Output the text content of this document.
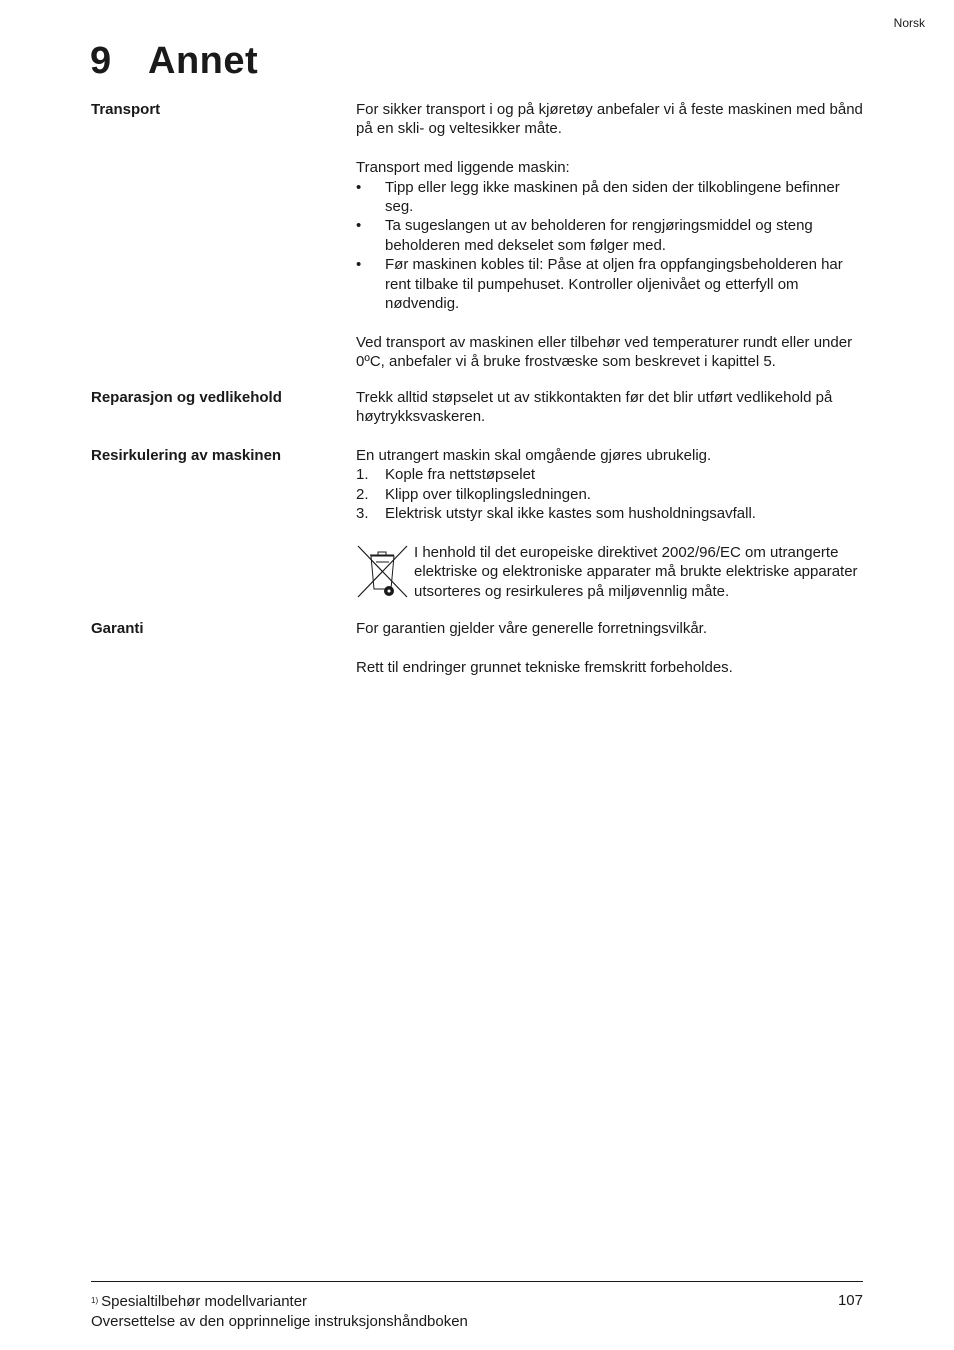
Norsk
9 Annet
Transport	For sikker transport i og på kjøretøy anbefaler vi å feste maskinen med bånd på en skli- og veltesikker måte.

Transport med liggende maskin:

•	Tipp eller legg ikke maskinen på den siden der tilkoblingene befinner seg.
•	Ta sugeslangen ut av beholderen for rengjøringsmiddel og steng beholderen med dekselet som følger med.
•	Før maskinen kobles til: Påse at oljen fra oppfangingsbeholderen har rent tilbake til pumpehuset. Kontroller oljenivået og etterfyll om nødvendig.

Ved transport av maskinen eller tilbehør ved temperaturer rundt eller under 0ºC, anbefaler vi å bruke frostvæske som beskrevet i kapittel 5.

Reparasjon og vedlikehold	Trekk alltid støpselet ut av stikkontakten før det blir utført vedlikehold på høytrykksvaskeren.

Resirkulering av maskinen	En utrangert maskin skal omgående gjøres ubrukelig.

1.	Kople fra nettstøpselet
2.	Klipp over tilkoplingsledningen.
3.	Elektrisk utstyr skal ikke kastes som husholdningsavfall.

I henhold til det europeiske direktivet 2002/96/EC om utrangerte elektriske og elektroniske apparater må brukte elektriske apparater utsorteres og resirkuleres på miljøvennlig måte.

Garanti	For garantien gjelder våre generelle forretningsvilkår.

Rett til endringer grunnet tekniske fremskritt forbeholdes.

$^{1)}$ Spesialtilbehør modellvarianter
Oversettelse av den opprinnelige instruksjonshåndboken
107
